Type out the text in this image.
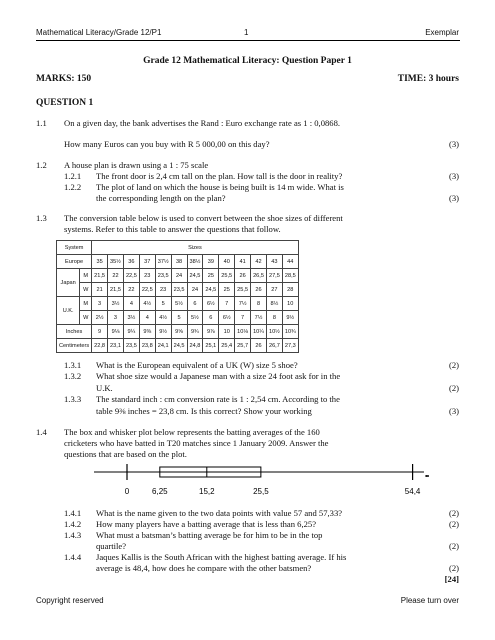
Mathematical Literacy/Grade 12/P1	1	Exemplar
Grade 12 Mathematical Literacy: Question Paper 1
MARKS: 150	TIME: 3 hours
QUESTION 1
1.1 On a given day, the bank advertises the Rand : Euro exchange rate as 1 : 0,0868.
How many Euros can you buy with R 5 000,00 on this day?	(3)
1.2 A house plan is drawn using a 1 : 75 scale
1.2.1 The front door is 2,4 cm tall on the plan. How tall is the door in reality?	(3)
1.2.2 The plot of land on which the house is being built is 14 m wide. What is
the corresponding length on the plan?	(3)
1.3 The conversion table below is used to convert between the shoe sizes of different
systems. Refer to this table to answer the questions that follow.
System		Sizes												
Europe		35	35½	36	37	37½	38	38½	39	40	41	42	43	44
Japan	M	21,5	22	22,5	23	23,5	24	24,5	25	25,5	26	26,5	27,5	28,5
	W	21	21,5	22	22,5	23	23,5	24	24,5	25	25,5	26	27	28
U.K.	M	3	3½	4	4½	5	5½	6	6½	7	7½	8	8½	10
	W	2½	3	3½	4	4½	5	5½	6	6½	7	7½	8	9½
Inches		9	9⅛	9¼	9⅜	9½	9⅝	9¾	9⅞	10	10⅛	10¼	10½	10¾
Centimeters		22,8	23,1	23,5	23,8	24,1	24,5	24,8	25,1	25,4	25,7	26	26,7	27,3
1.3.1 What is the European equivalent of a UK (W) size 5 shoe?	(2)
1.3.2 What shoe size would a Japanese man with a size 24 foot ask for in the
U.K.	(2)
1.3.3 The standard inch : cm conversion rate is 1 : 2,54 cm. According to the
table 9⅜ inches = 23,8 cm. Is this correct? Show your working	(3)
1.4 The box and whisker plot below represents the batting averages of the 160
cricketers who have batted in T20 matches since 1 January 2009. Answer the
questions that are based on the plot.
0	6,25	15,2	25,5	54,4
1.4.1 What is the name given to the two data points with value 57 and 57,33?	(2)
1.4.2 How many players have a batting average that is less than 6,25?	(2)
1.4.3 What must a batsman’s batting average be for him to be in the top
quartile?	(2)
1.4.4 Jaques Kallis is the South African with the highest batting average. If his
average is 48,4, how does he compare with the other batsmen?	(2)
[24]
Copyright reserved	Please turn over
